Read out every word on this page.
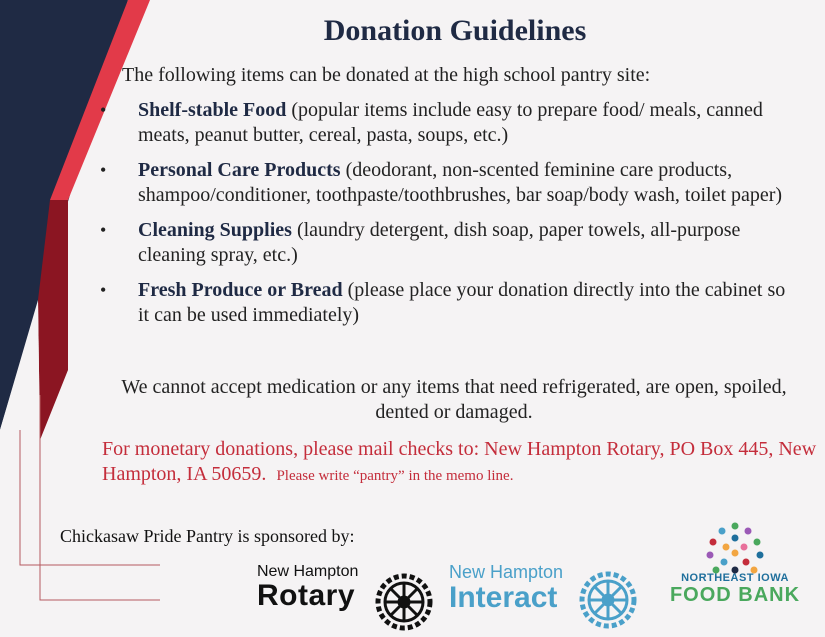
Donation Guidelines
The following items can be donated at the high school pantry site:
• Shelf-stable Food (popular items include easy to prepare food/ meals, canned meats, peanut butter, cereal, pasta, soups, etc.)
• Personal Care Products (deodorant, non-scented feminine care products, shampoo/conditioner, toothpaste/toothbrushes, bar soap/body wash, toilet paper)
• Cleaning Supplies (laundry detergent, dish soap, paper towels, all-purpose cleaning spray, etc.)
• Fresh Produce or Bread (please place your donation directly into the cabinet so it can be used immediately)
We cannot accept medication or any items that need refrigerated, are open, spoiled, dented or damaged.
For monetary donations, please mail checks to: New Hampton Rotary, PO Box 445, New Hampton, IA 50659. Please write “pantry” in the memo line.
Chickasaw Pride Pantry is sponsored by:
New Hampton
Rotary
New Hampton
Interact
NORTHEAST IOWA
FOOD BANK
